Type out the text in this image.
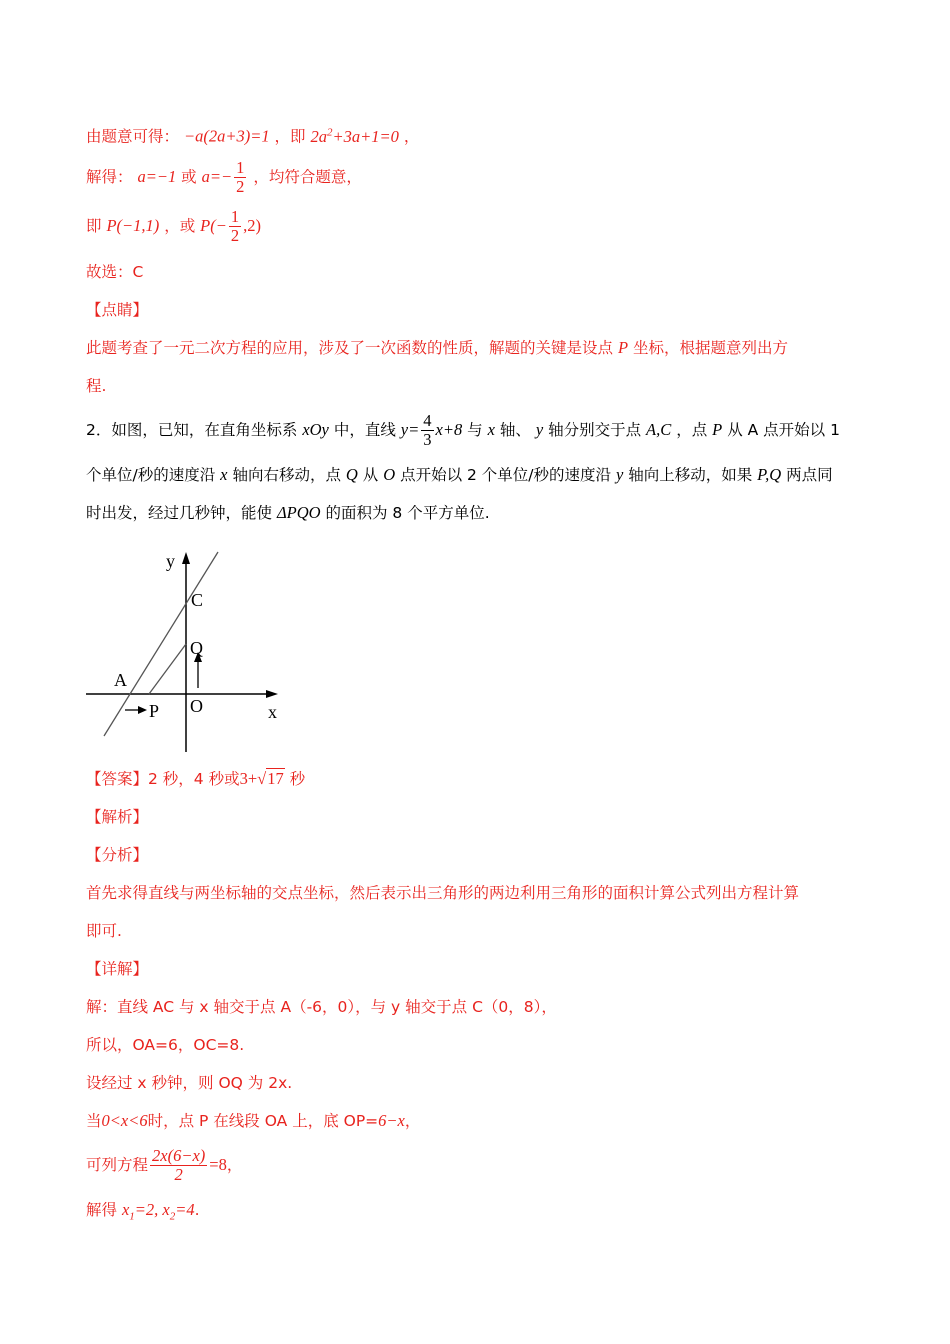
由题意可得： −a(2a+3)=1 ，即 $2a^2+3a+1=0$ ，
解得： a=−1 或 $a=- \frac{1}{2}$ ，均符合题意，
即 P(−1,1) ，或 $P(- \frac{1}{2} ,2)$
故选：C
【点睛】
此题考查了一元二次方程的应用，涉及了一次函数的性质，解题的关键是设点 P 坐标，根据题意列出方
程.
2．如图，已知，在直角坐标系 xOy 中，直线 $y= \frac{4}{3} x+8$ 与 x 轴、 y 轴分别交于点 A,C ，点 P 从 A 点开始以 1
个单位/秒的速度沿 x 轴向右移动，点 Q 从 O 点开始以 2 个单位/秒的速度沿 y 轴向上移动，如果 P,Q 两点同
时出发，经过几秒钟，能使 ΔPQO 的面积为 8 个平方单位.
y
x
C
Q
A
P O
【答案】2 秒，4 秒或3+√17 秒
【解析】
【分析】
首先求得直线与两坐标轴的交点坐标，然后表示出三角形的两边利用三角形的面积计算公式列出方程计算
即可.
【详解】
解：直线 AC 与 x 轴交于点 A（-6，0），与 y 轴交于点 C（0，8），
所以，OA=6，OC=8.
设经过 x 秒钟，则 OQ 为 2x.
当0<x<6时，点 P 在线段 OA 上，底 OP=6−x，
可列方程 $\frac{2x(6-x)}{2} =8$，
解得 $x_1=2$, $x_2=4$.
